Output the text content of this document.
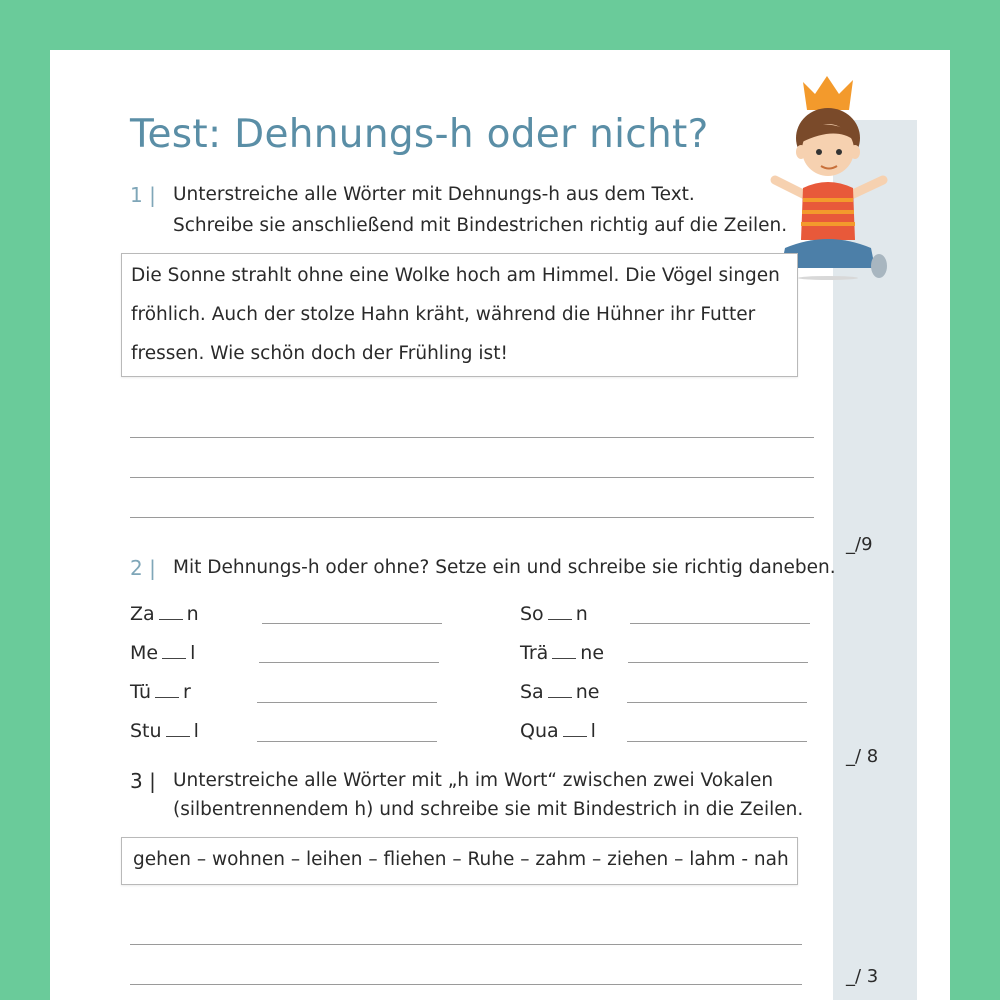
Test: Dehnungs-h oder nicht?
1 | Unterstreiche alle Wörter mit Dehnungs-h aus dem Text.
Schreibe sie anschließend mit Bindestrichen richtig auf die Zeilen.

Die Sonne strahlt ohne eine Wolke hoch am Himmel. Die Vögel singen

fröhlich. Auch der stolze Hahn kräht, während die Hühner ihr Futter

fressen. Wie schön doch der Frühling ist!

_/9
2 | Mit Dehnungs-h oder ohne? Setze ein und schreibe sie richtig daneben.
Za n
Me l
Tü r
Stu l
So n
Trä ne
Sa ne
Qua l
_/ 8
3 | Unterstreiche alle Wörter mit „h im Wort“ zwischen zwei Vokalen
(silbentrennendem h) und schreibe sie mit Bindestrich in die Zeilen.

gehen – wohnen – leihen – fliehen – Ruhe – zahm – ziehen – lahm - nah

_/ 3
